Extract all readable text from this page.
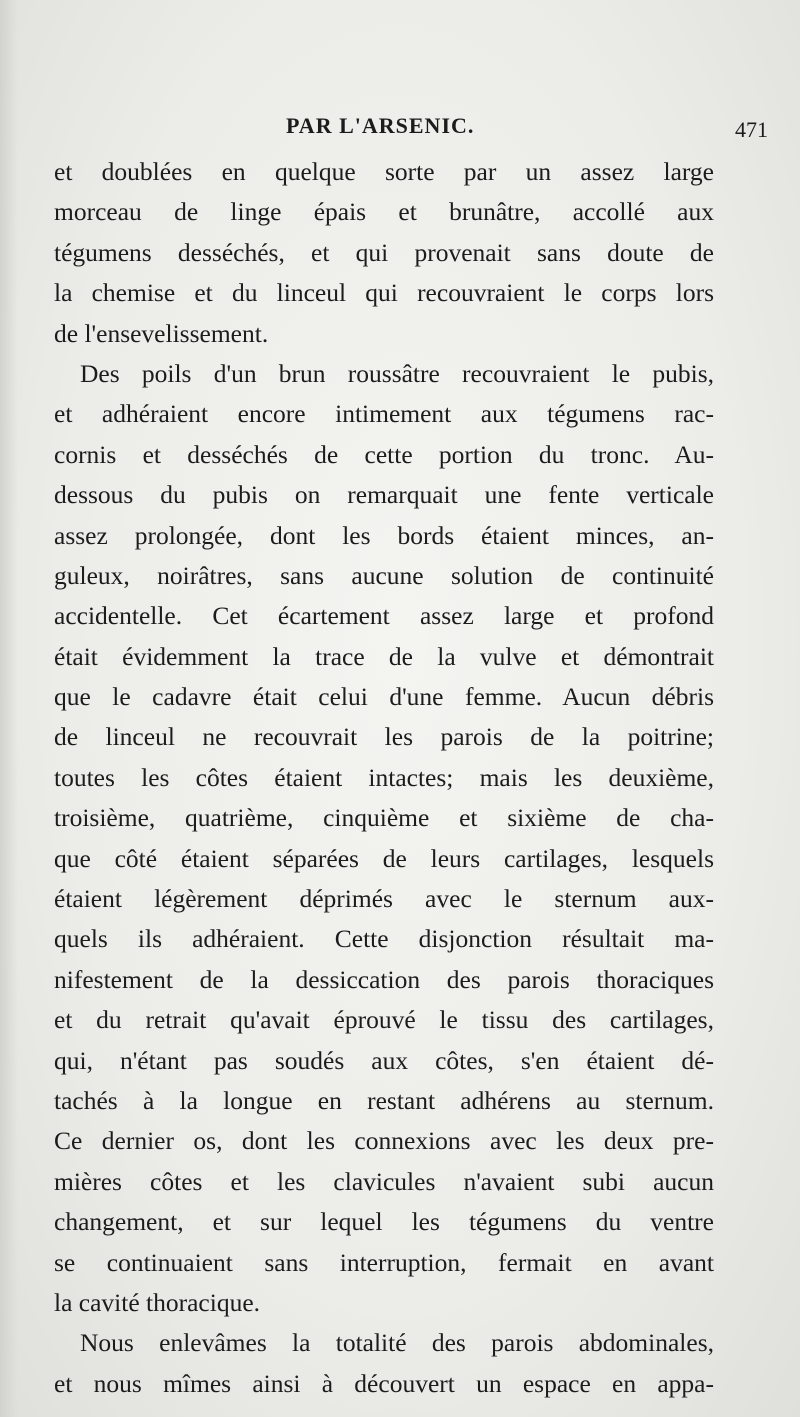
PAR L'ARSENIC.	471
et doublées en quelque sorte par un assez large
morceau de linge épais et brunâtre, accollé aux
tégumens desséchés, et qui provenait sans doute de
la chemise et du linceul qui recouvraient le corps lors
de l'ensevelissement.
Des poils d'un brun roussâtre recouvraient le pubis,
et adhéraient encore intimement aux tégumens rac-
cornis et desséchés de cette portion du tronc. Au-
dessous du pubis on remarquait une fente verticale
assez prolongée, dont les bords étaient minces, an-
guleux, noirâtres, sans aucune solution de continuité
accidentelle. Cet écartement assez large et profond
était évidemment la trace de la vulve et démontrait
que le cadavre était celui d'une femme. Aucun débris
de linceul ne recouvrait les parois de la poitrine;
toutes les côtes étaient intactes; mais les deuxième,
troisième, quatrième, cinquième et sixième de cha-
que côté étaient séparées de leurs cartilages, lesquels
étaient légèrement déprimés avec le sternum aux-
quels ils adhéraient. Cette disjonction résultait ma-
nifestement de la dessiccation des parois thoraciques
et du retrait qu'avait éprouvé le tissu des cartilages,
qui, n'étant pas soudés aux côtes, s'en étaient dé-
tachés à la longue en restant adhérens au sternum.
Ce dernier os, dont les connexions avec les deux pre-
mières côtes et les clavicules n'avaient subi aucun
changement, et sur lequel les tégumens du ventre
se continuaient sans interruption, fermait en avant
la cavité thoracique.
Nous enlevâmes la totalité des parois abdominales,
et nous mîmes ainsi à découvert un espace en appa-
